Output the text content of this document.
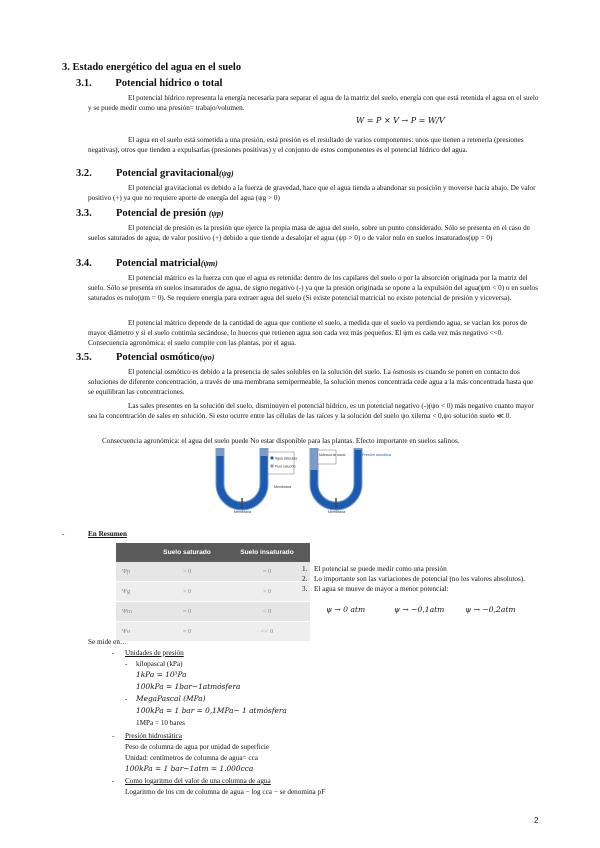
3. Estado energético del agua en el suelo
3.1.         Potencial hídrico o total
El potencial hídrico representa la energía necesaria para separar el agua de la matriz del suelo, energía con que está retenida el agua en el suelo y se puede medir como una presión= trabajo/volumen.
W = P × V → P = W/V
El agua en el suelo está sometida a una presión, está presión es el resultado de varios componentes: unos que tienen a retenerla (presiones negativas), otros que tienden a expulsarlas (presiones positivas) y el conjunto de estos componentes es el potencial hídrico del agua.
3.2. Potencial gravitacional(ψg)
El potencial gravitacional es debido a la fuerza de gravedad, hace que el agua tienda a abandonar su posición y moverse hacia abajo. De valor positivo (+) ya que no requiere aporte de energía del agua (ψg > 0)
3.3. Potencial de presión (ψp)
El potencial de presión es la presión que ejerce la propia masa de agua del suelo, sobre un punto considerado. Sólo se presenta en el caso de suelos saturados de agua, de valor positivo (+) debido a que tiende a desalojar el agua (ψp > 0) o de valor nulo en suelos insaturados(ψp = 0)
3.4. Potencial matricial(ψm)
El potencial mátrico es la fuerza con que el agua es retenida: dentro de los capilares del suelo o por la absorción originada por la matriz del suelo. Sólo se presenta en suelos insaturados de agua, de signo negativo (-) ya que la presión originada se opone a la expulsión del agua(ψm < 0) o en suelos saturados es nulo(ψm = 0). Se requiere energía para extraer agua del suelo (Si existe potencial matricial no existe potencial de presión y viceversa).
El potencial mátrico depende de la cantidad de agua que contiene el suelo, a medida que el suelo va perdiendo agua, se vacían los poros de mayor diámetro y si el suelo continúa secándose, lo huecos que retienen agua son cada vez más pequeños. El ψm es cada vez más negativo <<0. Consecuencia agronómica: el suelo compite con las plantas, por el agua.
3.5. Potencial osmótico(ψo)
El potencial osmótico es debido a la presencia de sales solubles en la solución del suelo. La ósmosis es cuando se ponen en contacto dos soluciones de diferente concentración, a través de una membrana semipermeable, la solución menos concentrada cede agua a la más concentrada hasta que se equilibran las concentraciones.
Las sales presentes en la solución del suelo, disminuyen el potencial hídrico, es un potencial negativo (-)(ψo < 0) más negativo cuanto mayor sea la concentración de sales en solución. Si esto ocurre entre las células de las raíces y la solución del suelo ψo xilema < 0,ψo solución suelo ≪ 0.
Consecuencia agronómica: el agua del suelo puede No estar disponible para las plantas. Efecto importante en suelos salinos.
Agua saturada
Pura solución
Membrana
Membrana
Molécula de soluto	Presión osmótica
Membrana
-	En Resumen
	Suelo saturado	Suelo insaturado
Ψp	> 0	= 0
Ψg	> 0	> 0
Ψm	= 0	< 0
Ψo	= 0	<< 0
1. El potencial se puede medir como una presión
2. Lo importante son las variaciones de potencial (no los valores absolutos).
3. El agua se mueve de mayor a menor potencial:
ψ → 0 atm	ψ → −0,1atm	ψ → −0,2atm
Se mide en…
- Unidades de presión
- kilopascal (kPa)
1kPa = 10³Pa
100kPa = 1bar~1atmósfera
- MegaPascal (MPa)
100kPa = 1 bar = 0,1MPa~ 1 atmósfera
1MPa = 10 bares
- Presión hidrostática
Peso de columna de agua por unidad de superficie
Unidad: centímetros de columna de agua= cca
100kPa = 1 bar~1atm = 1.000cca
- Como logaritmo del valor de una columna de agua
Logaritmo de los cm de columna de agua − log cca − se denomina pF
2
